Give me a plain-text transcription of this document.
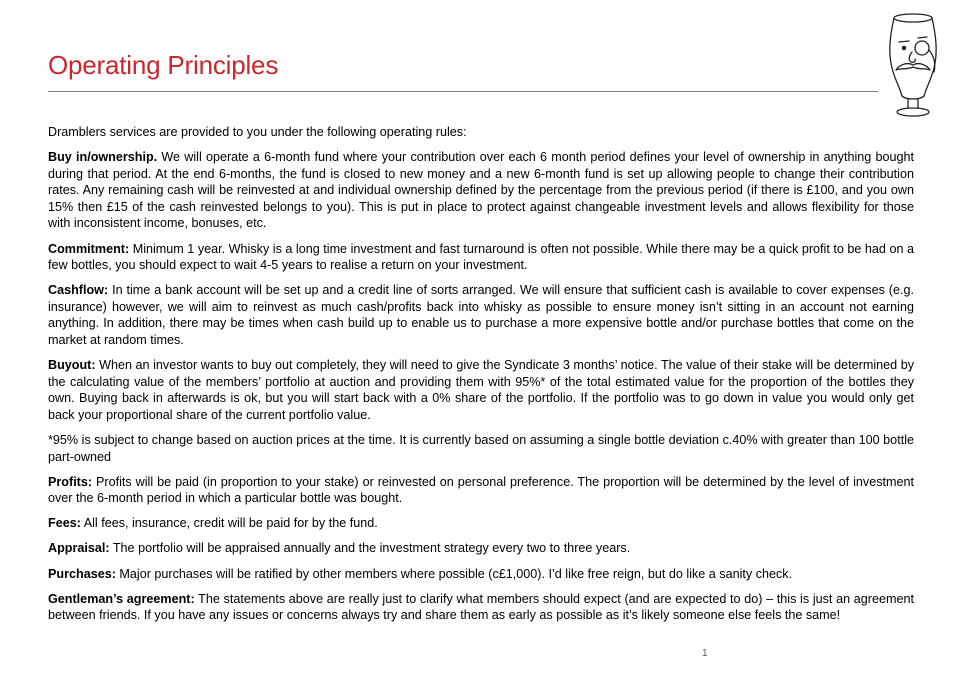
Operating Principles

Dramblers services are provided to you under the following operating rules:

Buy in/ownership. We will operate a 6-month fund where your contribution over each 6 month period defines your level of ownership in anything bought during that period. At the end 6-months, the fund is closed to new money and a new 6-month fund is set up allowing people to change their contribution rates. Any remaining cash will be reinvested at and individual ownership defined by the percentage from the previous period (if there is £100, and you own 15% then £15 of the cash reinvested belongs to you). This is put in place to protect against changeable investment levels and allows flexibility for those with inconsistent income, bonuses, etc.

Commitment: Minimum 1 year. Whisky is a long time investment and fast turnaround is often not possible. While there may be a quick profit to be had on a few bottles, you should expect to wait 4-5 years to realise a return on your investment.

Cashflow: In time a bank account will be set up and a credit line of sorts arranged. We will ensure that sufficient cash is available to cover expenses (e.g. insurance) however, we will aim to reinvest as much cash/profits back into whisky as possible to ensure money isn’t sitting in an account not earning anything. In addition, there may be times when cash build up to enable us to purchase a more expensive bottle and/or purchase bottles that come on the market at random times.

Buyout: When an investor wants to buy out completely, they will need to give the Syndicate 3 months’ notice. The value of their stake will be determined by the calculating value of the members’ portfolio at auction and providing them with 95%* of the total estimated value for the proportion of the bottles they own. Buying back in afterwards is ok, but you will start back with a 0% share of the portfolio. If the portfolio was to go down in value you would only get back your proportional share of the current portfolio value.

*95% is subject to change based on auction prices at the time. It is currently based on assuming a single bottle deviation c.40% with greater than 100 bottle part-owned

Profits: Profits will be paid (in proportion to your stake) or reinvested on personal preference. The proportion will be determined by the level of investment over the 6-month period in which a particular bottle was bought.

Fees: All fees, insurance, credit will be paid for by the fund.

Appraisal: The portfolio will be appraised annually and the investment strategy every two to three years.

Purchases: Major purchases will be ratified by other members where possible (c£1,000). I’d like free reign, but do like a sanity check.

Gentleman’s agreement: The statements above are really just to clarify what members should expect (and are expected to do) – this is just an agreement between friends. If you have any issues or concerns always try and share them as early as possible as it’s likely someone else feels the same!

1
